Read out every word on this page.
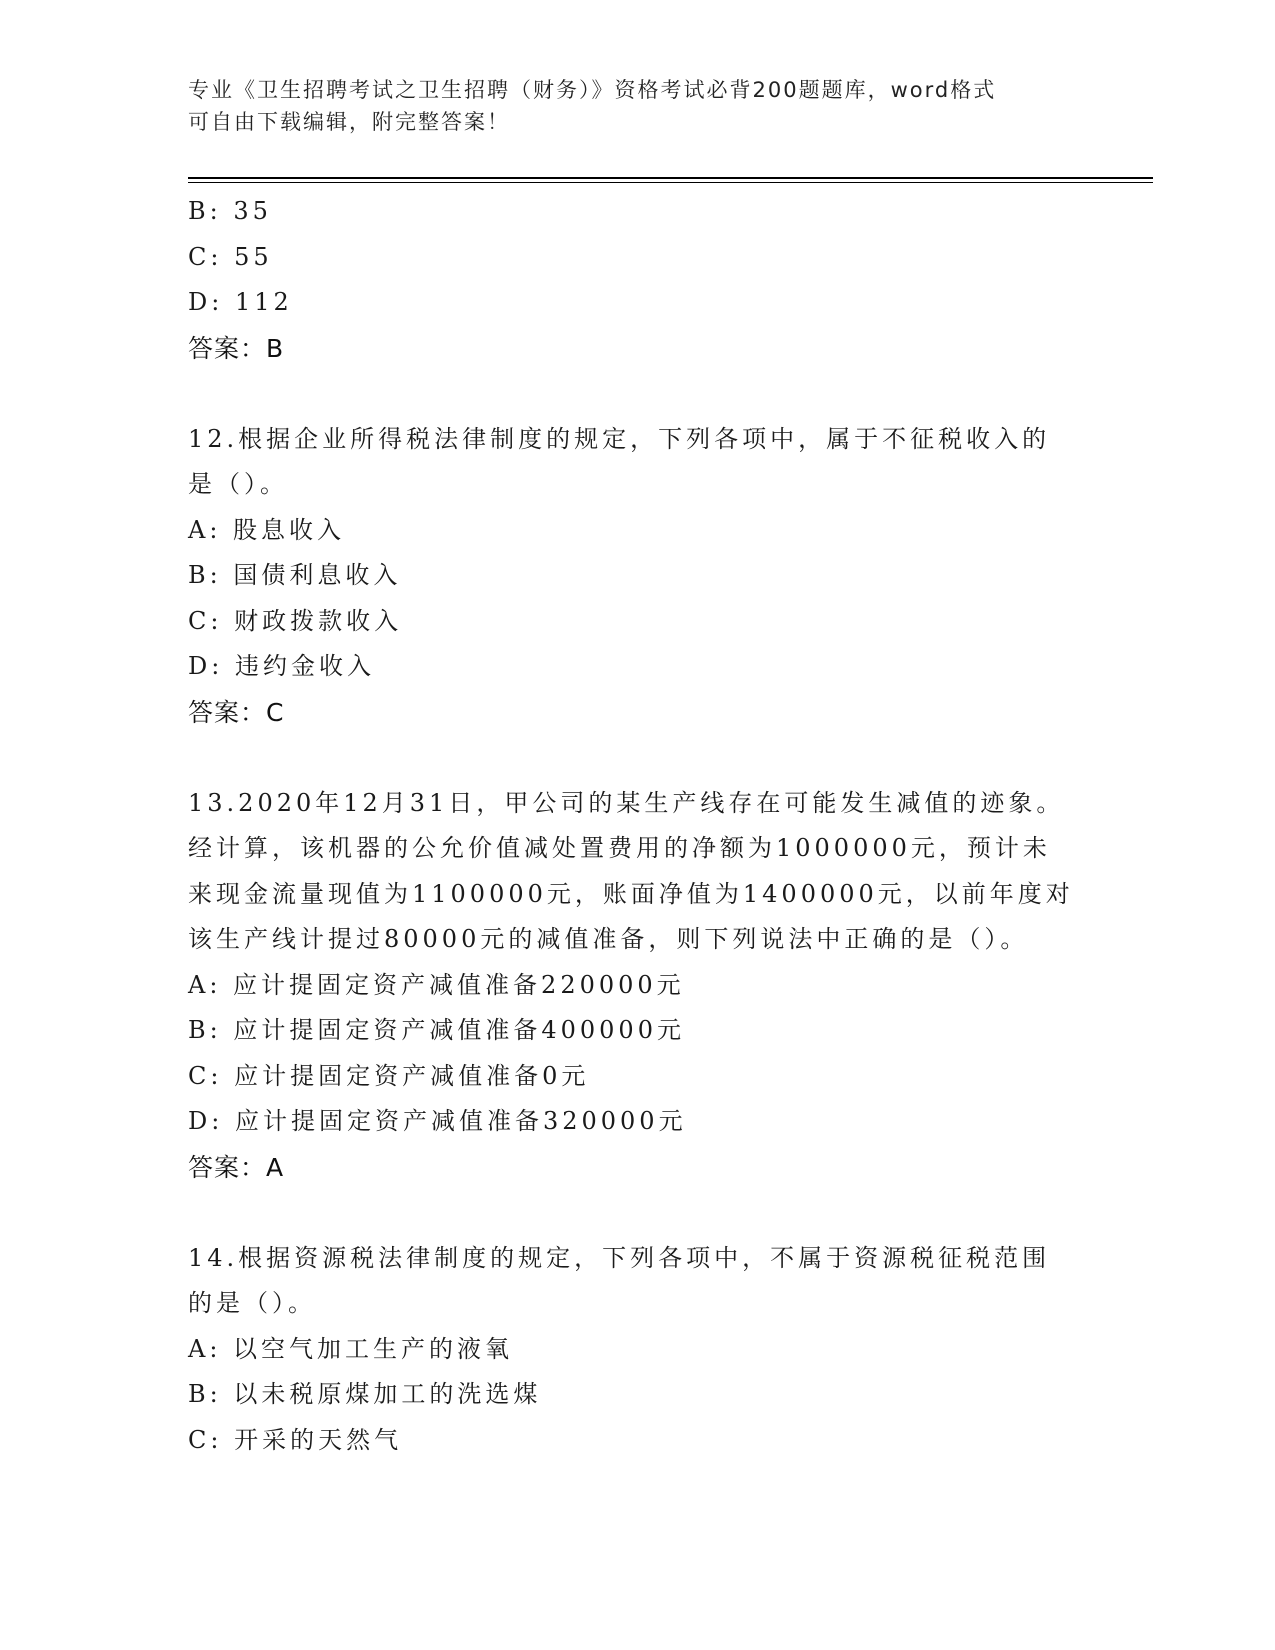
专业《卫生招聘考试之卫生招聘（财务）》资格考试必背200题题库，word格式
可自由下载编辑，附完整答案！
B: 35
C: 55
D: 112
答案：B
12.根据企业所得税法律制度的规定，下列各项中，属于不征税收入的
是（）。
A: 股息收入
B: 国债利息收入
C: 财政拨款收入
D: 违约金收入
答案：C
13.2020年12月31日，甲公司的某生产线存在可能发生减值的迹象。
经计算，该机器的公允价值减处置费用的净额为1000000元，预计未
来现金流量现值为1100000元，账面净值为1400000元，以前年度对
该生产线计提过80000元的减值准备，则下列说法中正确的是（）。
A: 应计提固定资产减值准备220000元
B: 应计提固定资产减值准备400000元
C: 应计提固定资产减值准备0元
D: 应计提固定资产减值准备320000元
答案：A
14.根据资源税法律制度的规定，下列各项中，不属于资源税征税范围
的是（）。
A: 以空气加工生产的液氧
B: 以未税原煤加工的洗选煤
C: 开采的天然气
